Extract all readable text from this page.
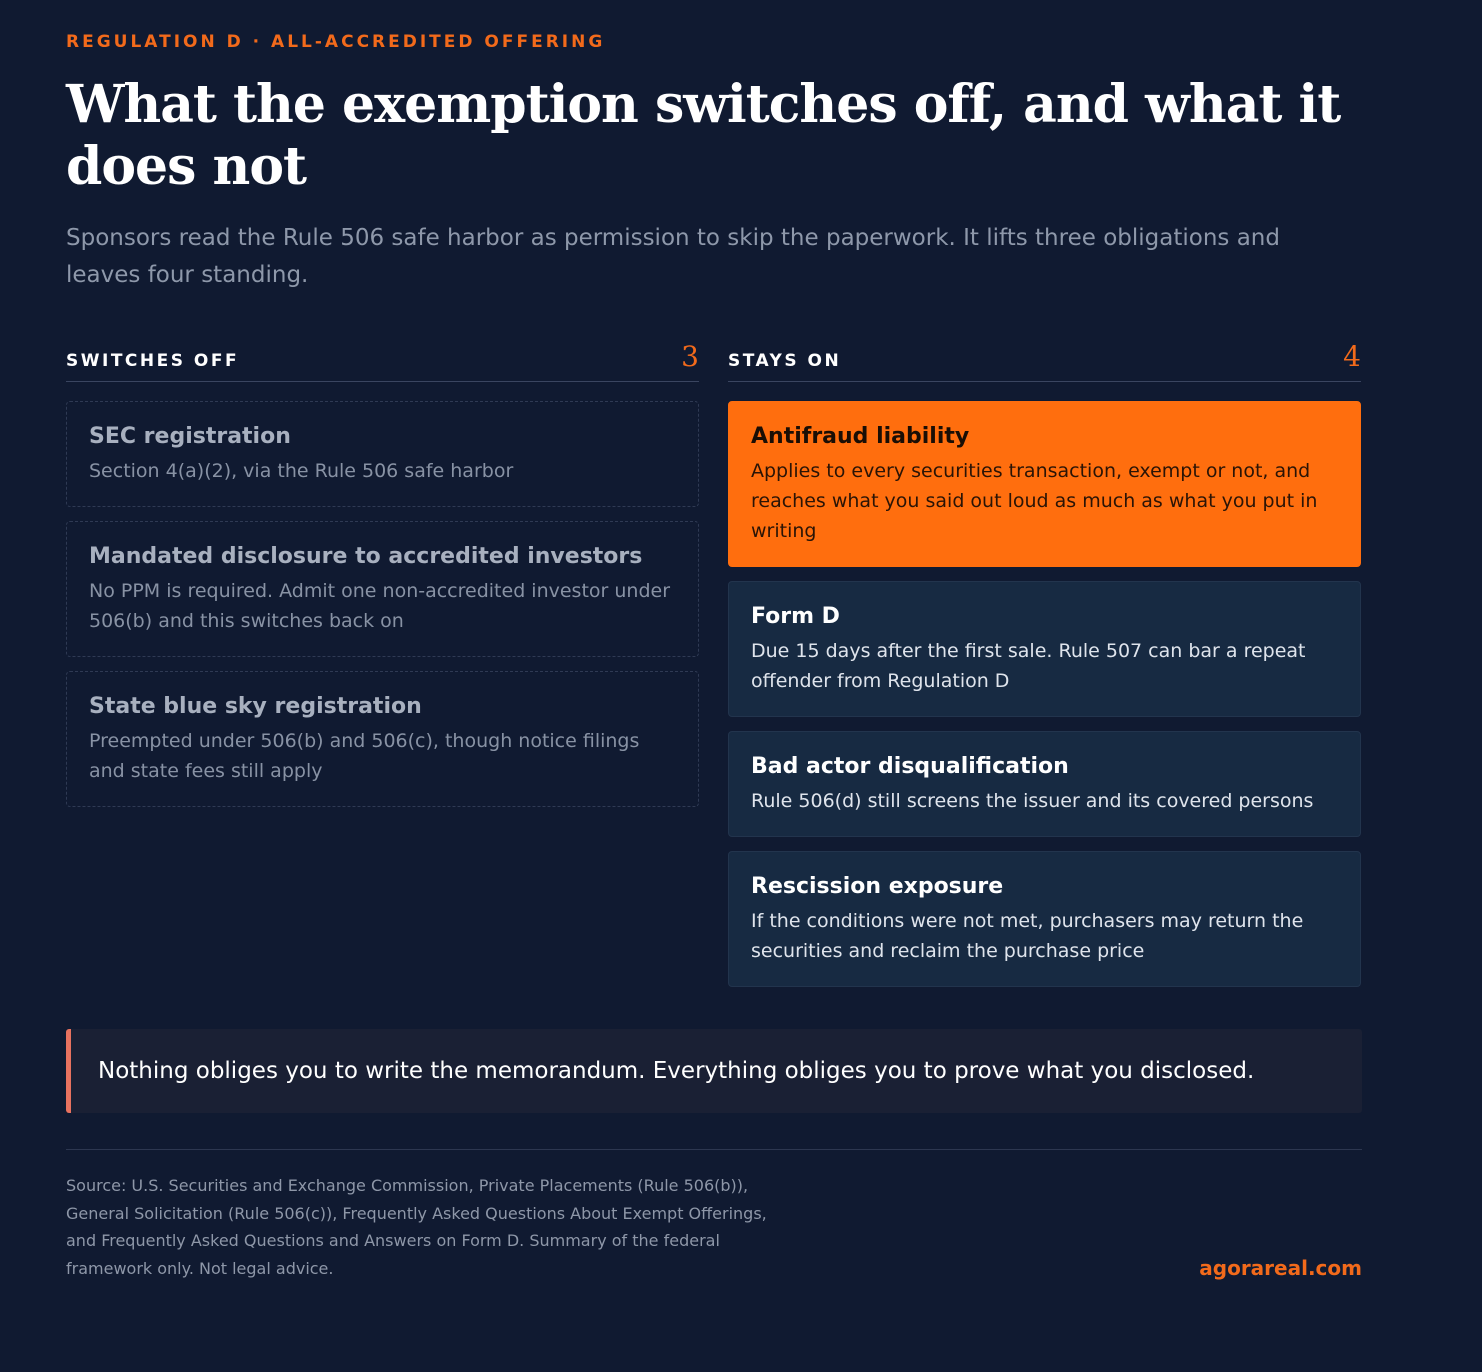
REGULATION D · ALL-ACCREDITED OFFERING
What the exemption switches off, and what it does not

Sponsors read the Rule 506 safe harbor as permission to skip the paperwork. It lifts three obligations and leaves four standing.

SWITCHES OFF	3
SEC registration
Section 4(a)(2), via the Rule 506 safe harbor
Mandated disclosure to accredited investors
No PPM is required. Admit one non-accredited investor under 506(b) and this switches back on
State blue sky registration
Preempted under 506(b) and 506(c), though notice filings and state fees still apply
STAYS ON	4
Antifraud liability
Applies to every securities transaction, exempt or not, and reaches what you said out loud as much as what you put in writing
Form D
Due 15 days after the first sale. Rule 507 can bar a repeat offender from Regulation D
Bad actor disqualification
Rule 506(d) still screens the issuer and its covered persons
Rescission exposure
If the conditions were not met, purchasers may return the securities and reclaim the purchase price
Nothing obliges you to write the memorandum. Everything obliges you to prove what you disclosed.

Source: U.S. Securities and Exchange Commission, Private Placements (Rule 506(b)), General Solicitation (Rule 506(c)), Frequently Asked Questions About Exempt Offerings, and Frequently Asked Questions and Answers on Form D. Summary of the federal framework only. Not legal advice.	agorareal.com
